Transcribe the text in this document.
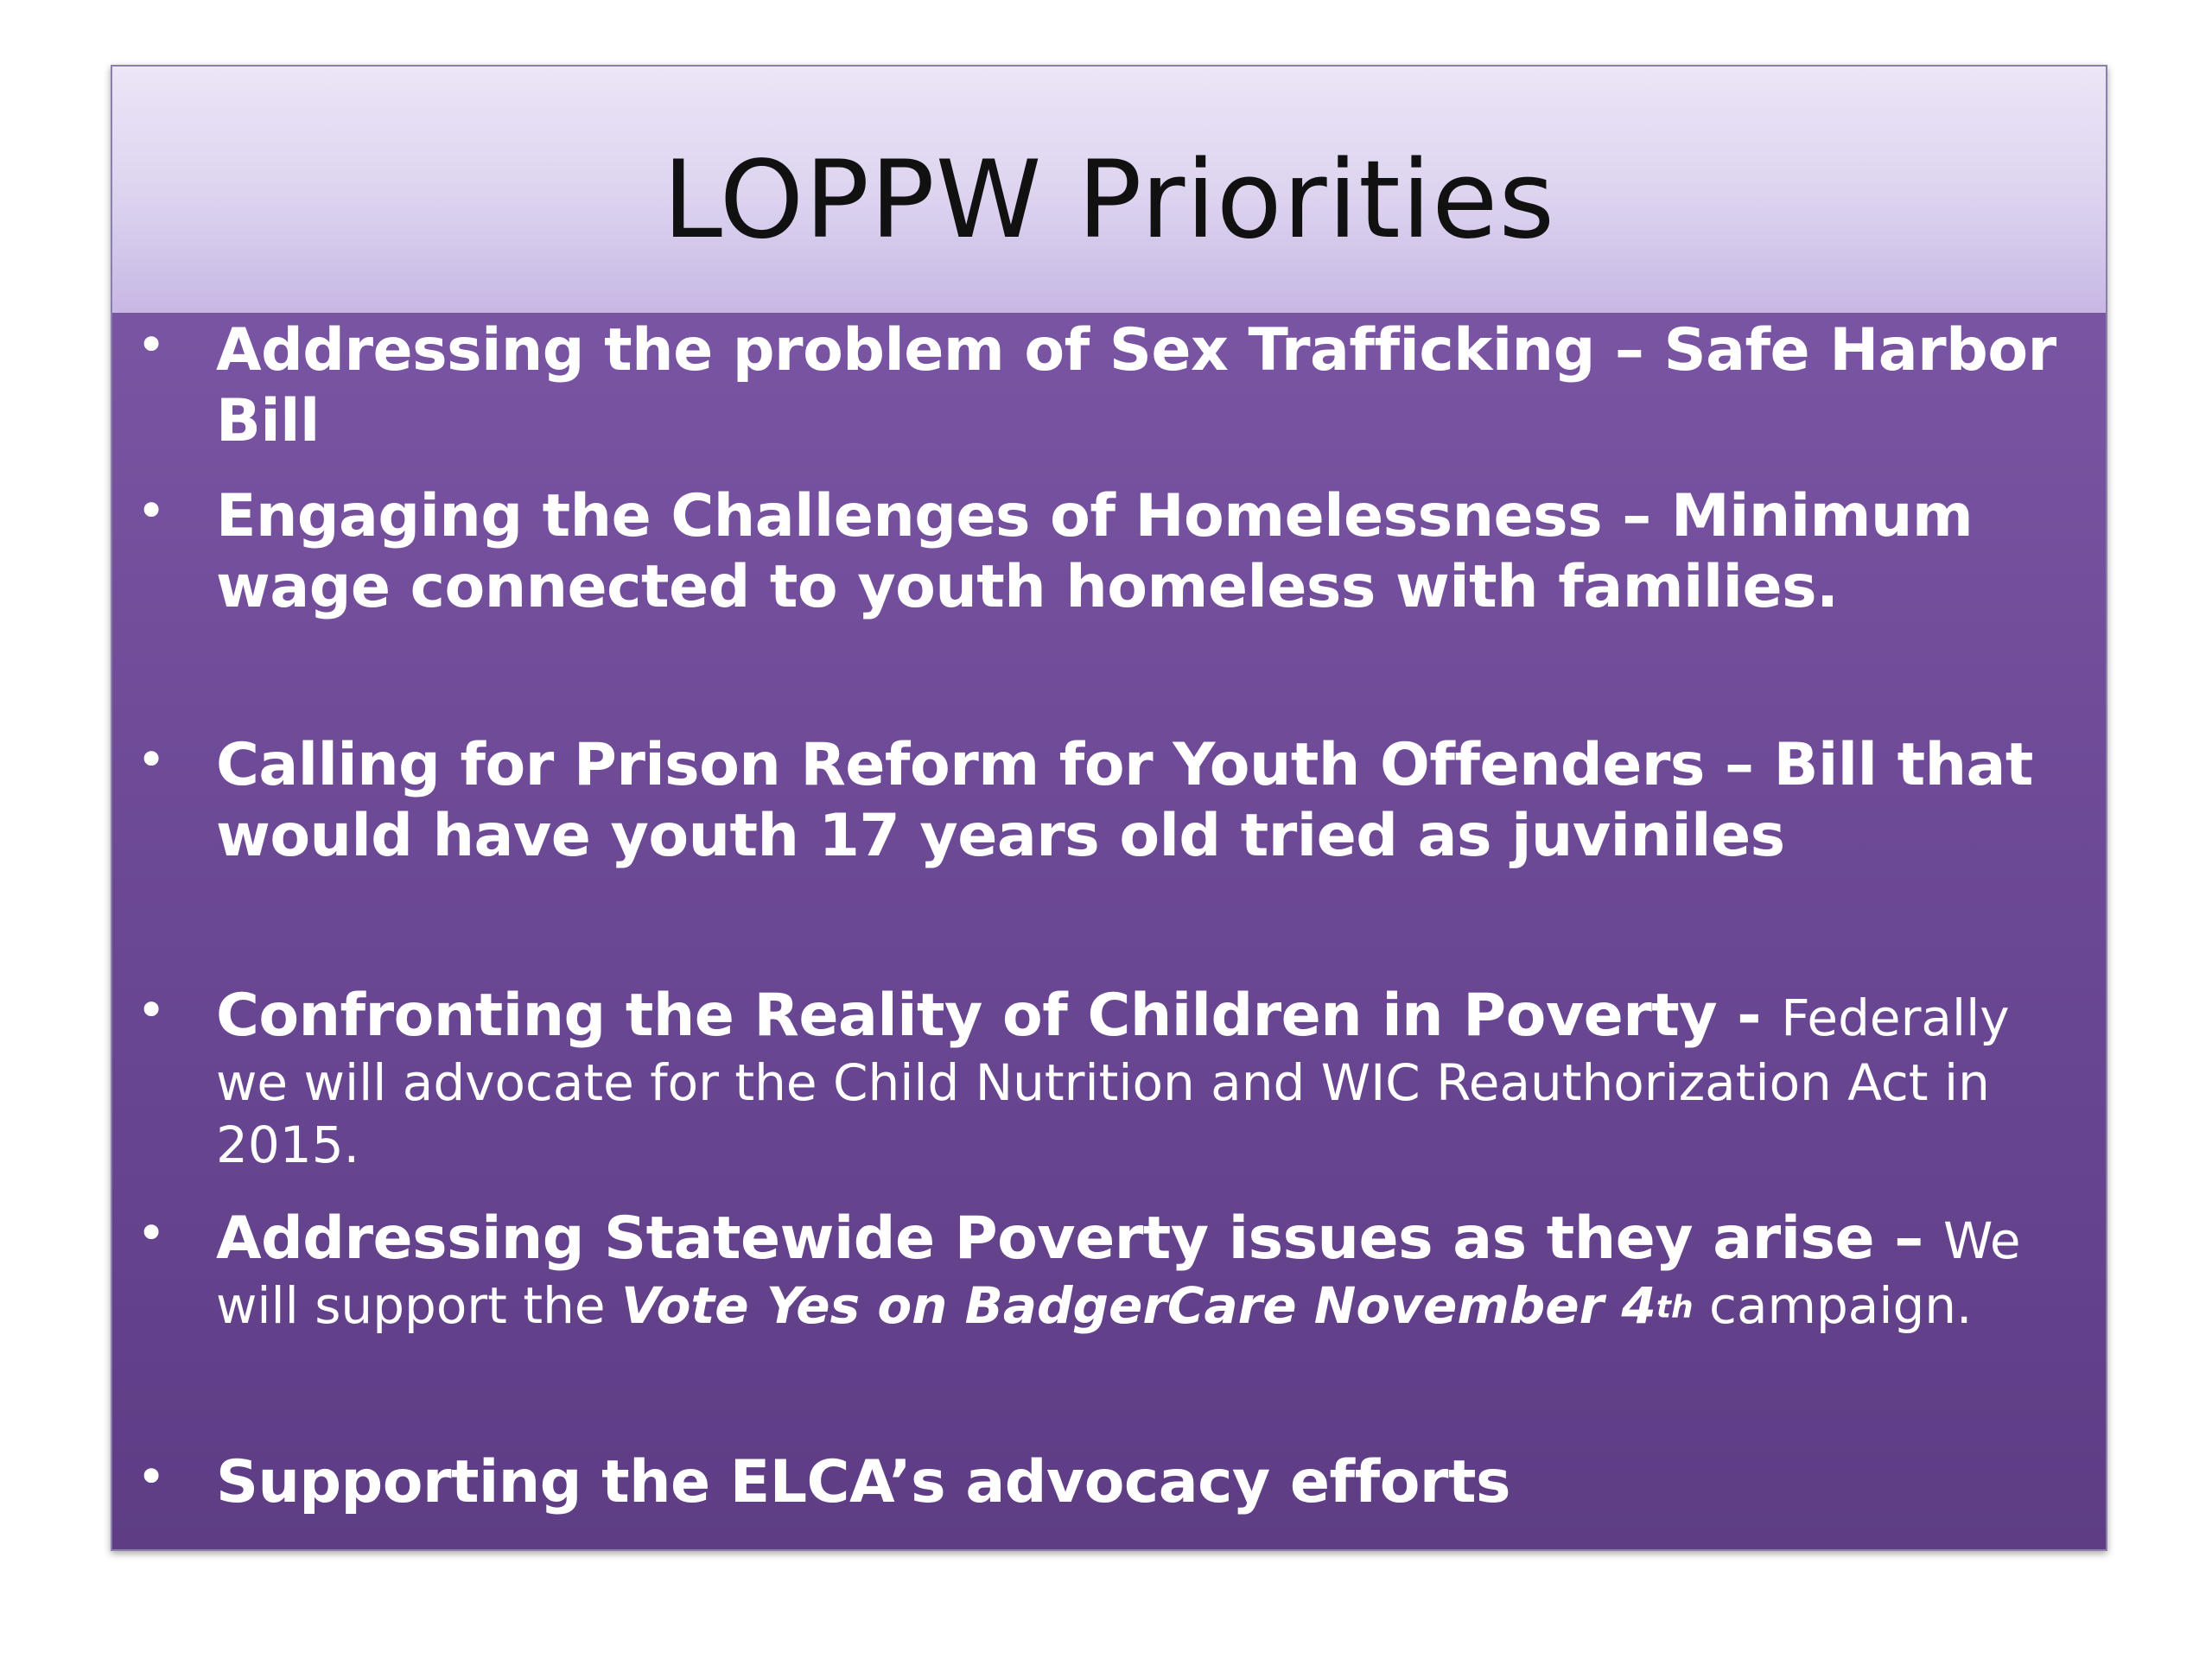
LOPPW Priorities
• Addressing the problem of Sex Trafficking – Safe Harbor Bill
• Engaging the Challenges of Homelessness – Minimum wage connected to youth homeless with families.
• Calling for Prison Reform for Youth Offenders – Bill that would have youth 17 years old tried as juviniles
• Confronting the Reality of Children in Poverty - Federally we will advocate for the Child Nutrition and WIC Reauthorization Act in 2015.
• Addressing Statewide Poverty issues as they arise – We will support the Vote Yes on BadgerCare November 4th campaign.
• Supporting the ELCA’s advocacy efforts
